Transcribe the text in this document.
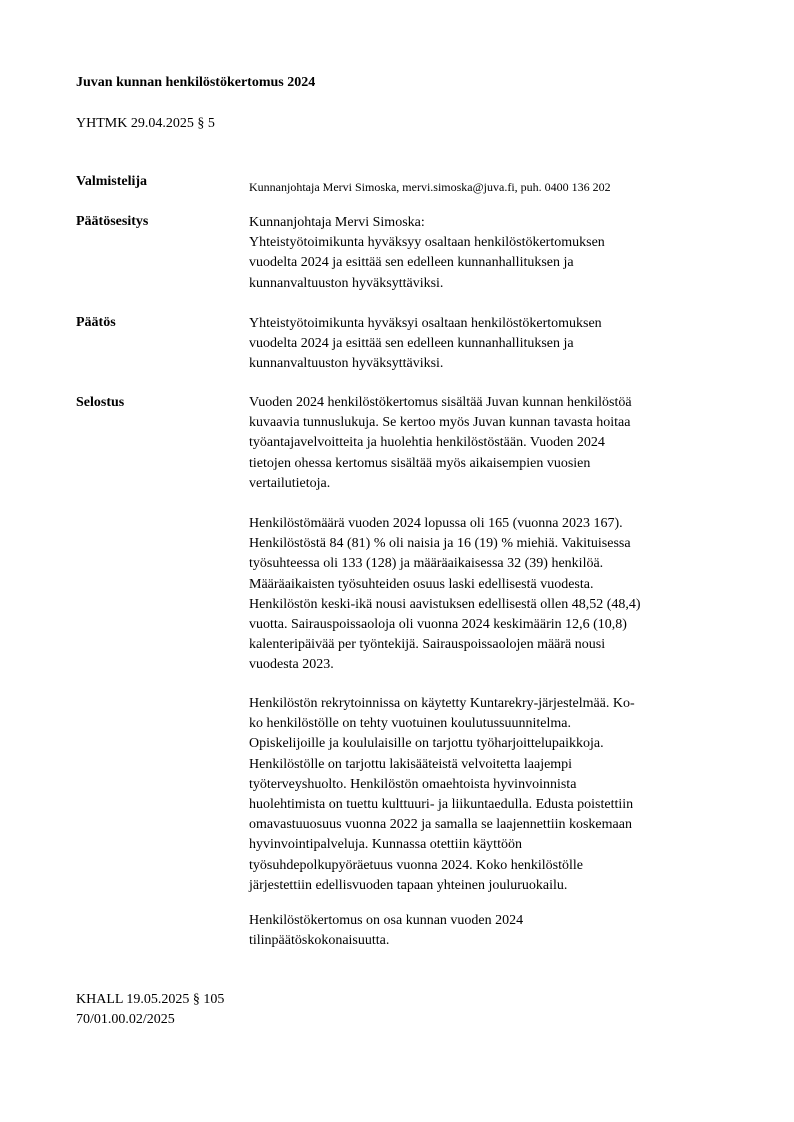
Juvan kunnan henkilöstökertomus 2024
YHTMK 29.04.2025 § 5
Valmistelija	Kunnanjohtaja Mervi Simoska, mervi.simoska@juva.fi, puh. 0400 136 202
Päätösesitys	Kunnanjohtaja Mervi Simoska:
Yhteistyötoimikunta hyväksyy osaltaan henkilöstökertomuksen
vuodelta 2024 ja esittää sen edelleen kunnanhallituksen ja
kunnanvaltuuston hyväksyttäviksi.
Päätös	Yhteistyötoimikunta hyväksyi osaltaan henkilöstökertomuksen
vuodelta 2024 ja esittää sen edelleen kunnanhallituksen ja
kunnanvaltuuston hyväksyttäviksi.
Selostus	Vuoden 2024 henkilöstökertomus sisältää Juvan kunnan henkilöstöä
kuvaavia tunnuslukuja. Se kertoo myös Juvan kunnan tavasta hoitaa
työantajavelvoitteita ja huolehtia henkilöstöstään. Vuoden 2024
tietojen ohessa kertomus sisältää myös aikaisempien vuosien
vertailutietoja.
Henkilöstömäärä vuoden 2024 lopussa oli 165 (vuonna 2023 167).
Henkilöstöstä 84 (81) % oli naisia ja 16 (19) % miehiä. Vakituisessa
työsuhteessa oli 133 (128) ja määräaikaisessa 32 (39) henkilöä.
Määräaikaisten työsuhteiden osuus laski edellisestä vuodesta.
Henkilöstön keski-ikä nousi aavistuksen edellisestä ollen 48,52 (48,4)
vuotta. Sairauspoissaoloja oli vuonna 2024 keskimäärin 12,6 (10,8)
kalenteripäivää per työntekijä. Sairauspoissaolojen määrä nousi
vuodesta 2023.
Henkilöstön rekrytoinnissa on käytetty Kuntarekry-järjestelmää. Ko-
ko henkilöstölle on tehty vuotuinen koulutussuunnitelma.
Opiskelijoille ja koululaisille on tarjottu työharjoittelupaikkoja.
Henkilöstölle on tarjottu lakisääteistä velvoitetta laajempi
työterveyshuolto. Henkilöstön omaehtoista hyvinvoinnista
huolehtimista on tuettu kulttuuri- ja liikuntaedulla. Edusta poistettiin
omavastuuosuus vuonna 2022 ja samalla se laajennettiin koskemaan
hyvinvointipalveluja. Kunnassa otettiin käyttöön
työsuhdepolkupyöräetuus vuonna 2024. Koko henkilöstölle
järjestettiin edellisvuoden tapaan yhteinen jouluruokailu.
Henkilöstökertomus on osa kunnan vuoden 2024
tilinpäätöskokonaisuutta.
KHALL 19.05.2025 § 105
70/01.00.02/2025
